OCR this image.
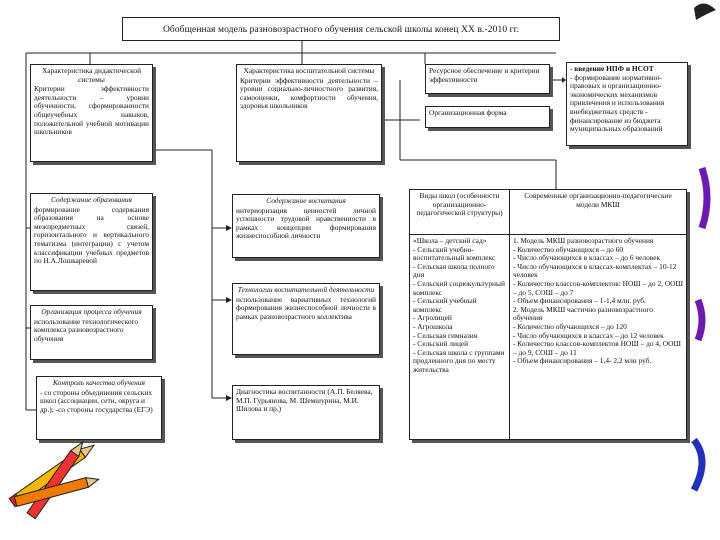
Обобщенная модель разновозрастного обучения сельской школы конец XX в.-2010 гг.
Характеристика дидактической системы
Критерии эффективности деятельности – уровни обученности, сформированности общеучебных навыков, положительной учебной мотивации школьников
Содержание образования
формирование содержания образования на основе межпредметных связей, горизонтального и вертикального тематизма (интеграции) с учетом классификации учебных предметов по Н.А.Лошкаревой
Организация процесса обучения
использование технологического комплекса разновозрастного обучения
Контроль качества обучения
- со стороны объединения сельских школ (ассоциации, сети, округа и др.); -со стороны государства (ЕГЭ)
Характеристика воспитательной системы
Критерии эффективности деятельности – уровни социально-личностного развития, самооценки, комфортности обучения, здоровья школьников
Содержание воспитания
интериоризация ценностей личной успешности трудовой нравственности в рамках концепции формирования жизнеспособной личности
Технологии воспитательной деятельности
использование вариативных технологий формирования жизнеспособной личности в рамках разновозрастного коллектива
Диагностика воспитанности (А.П. Беляева, М.П. Гурьянова, М. Шемшурина, М.И. Шилова и пр.)
Ресурсное обеспечение и критерии эффективности
Организационная форма
- введение НПФ и НСОТ
- формирование нормативно-правовых и организационно-экономических механизмов привлечения и использования внебюджетных средств - финансирование из бюджета муниципальных образований
Виды школ (особенности организационно-педагогической структуры)
Современные организационно-педагогические модели МКШ
«Школа – детский сад»
- Сельский учебно-воспитательный комплекс
- Сельская школа полного дня
- Сельский социокультурный комплекс
- Сельский учебный комплекс
- Агролицей
- Агрошкола
- Сельская гимназия
- Сельский лицей
- Сельская школа с группами продленного дня по месту жительства
1. Модель МКШ разновозрастного обучения
- Количество обучающихся – до 60
- Число обучающихся в классах – до 6 человек
- Число обучающихся в классах-комплектах – 10-12 человек
- Количество классов-комплектов: НОШ – до 2, ООШ – до 5, СОШ – до 7
- Объем финансирования – 1-1,4 млн. руб.
2. Модель МКШ частично разновозрастного обучения
- Количество обучающихся – до 120
- Число обучающихся в классах – до 12 человек
- Количество классов-комплектов НОШ – до 4, ООШ – до 9, СОШ – до 11
- Объем финансирования – 1,4- 2,2 млн руб.
